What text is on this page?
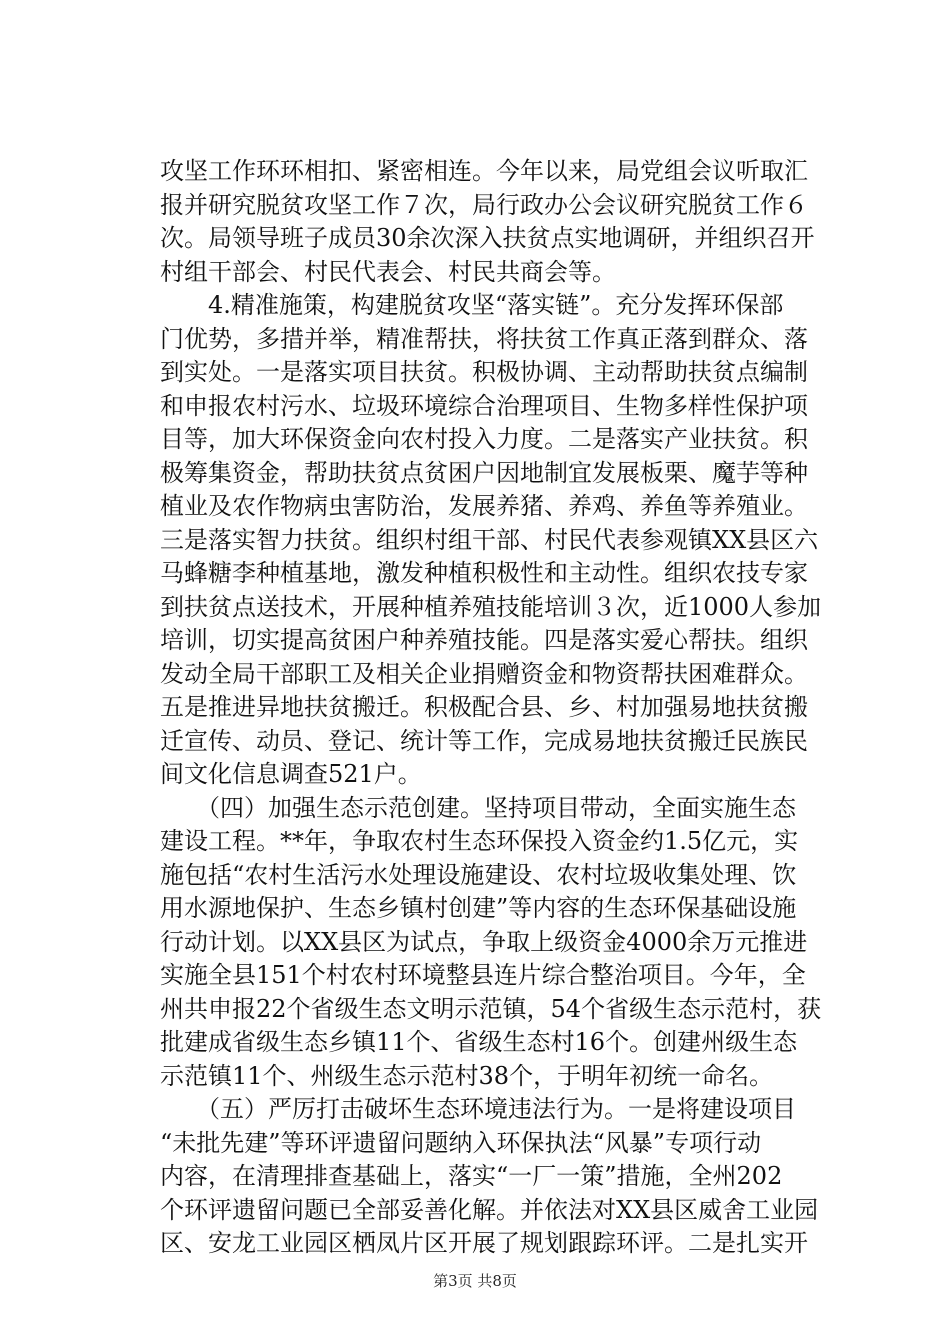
攻坚工作环环相扣、紧密相连。今年以来，局党组会议听取汇
报并研究脱贫攻坚工作７次，局行政办公会议研究脱贫工作６
次。局领导班子成员30余次深入扶贫点实地调研，并组织召开
村组干部会、村民代表会、村民共商会等。
　　4.精准施策，构建脱贫攻坚“落实链”。充分发挥环保部
门优势，多措并举，精准帮扶，将扶贫工作真正落到群众、落
到实处。一是落实项目扶贫。积极协调、主动帮助扶贫点编制
和申报农村污水、垃圾环境综合治理项目、生物多样性保护项
目等，加大环保资金向农村投入力度。二是落实产业扶贫。积
极筹集资金，帮助扶贫点贫困户因地制宜发展板栗、魔芋等种
植业及农作物病虫害防治，发展养猪、养鸡、养鱼等养殖业。
三是落实智力扶贫。组织村组干部、村民代表参观镇XX县区六
马蜂糖李种植基地，激发种植积极性和主动性。组织农技专家
到扶贫点送技术，开展种植养殖技能培训３次，近1000人参加
培训，切实提高贫困户种养殖技能。四是落实爱心帮扶。组织
发动全局干部职工及相关企业捐赠资金和物资帮扶困难群众。
五是推进异地扶贫搬迁。积极配合县、乡、村加强易地扶贫搬
迁宣传、动员、登记、统计等工作，完成易地扶贫搬迁民族民
间文化信息调查521户。
　　（四）加强生态示范创建。坚持项目带动，全面实施生态
建设工程。**年，争取农村生态环保投入资金约1.5亿元，实
施包括“农村生活污水处理设施建设、农村垃圾收集处理、饮
用水源地保护、生态乡镇村创建”等内容的生态环保基础设施
行动计划。以XX县区为试点，争取上级资金4000余万元推进
实施全县151个村农村环境整县连片综合整治项目。今年，全
州共申报22个省级生态文明示范镇，54个省级生态示范村，获
批建成省级生态乡镇11个、省级生态村16个。创建州级生态
示范镇11个、州级生态示范村38个，于明年初统一命名。
　　（五）严厉打击破坏生态环境违法行为。一是将建设项目
“未批先建”等环评遗留问题纳入环保执法“风暴”专项行动
内容，在清理排查基础上，落实“一厂一策”措施，全州202
个环评遗留问题已全部妥善化解。并依法对XX县区威舍工业园
区、安龙工业园区栖凤片区开展了规划跟踪环评。二是扎实开
第3页 共8页
